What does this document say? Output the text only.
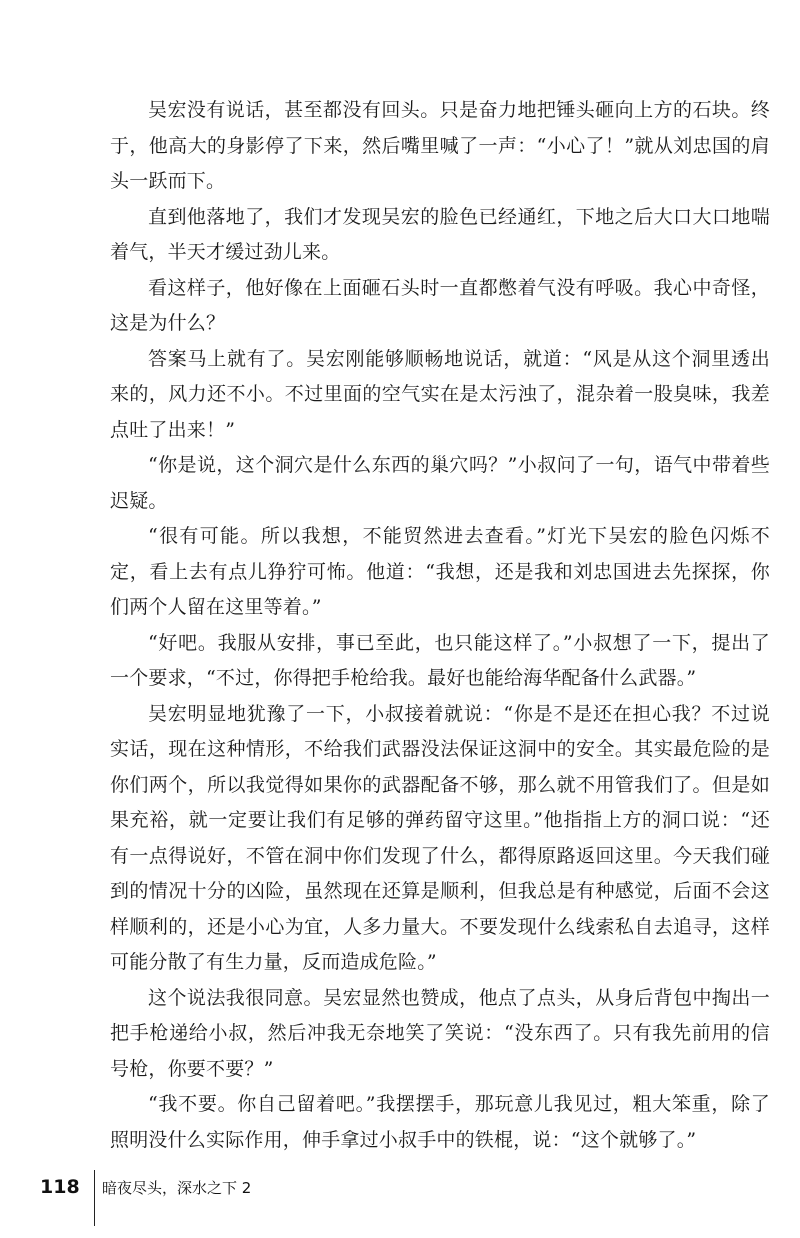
吴宏没有说话，甚至都没有回头。只是奋力地把锤头砸向上方的石块。终于，他高大的身影停了下来，然后嘴里喊了一声：“小心了！”就从刘忠国的肩头一跃而下。

直到他落地了，我们才发现吴宏的脸色已经通红，下地之后大口大口地喘着气，半天才缓过劲儿来。

看这样子，他好像在上面砸石头时一直都憋着气没有呼吸。我心中奇怪，这是为什么？

答案马上就有了。吴宏刚能够顺畅地说话，就道：“风是从这个洞里透出来的，风力还不小。不过里面的空气实在是太污浊了，混杂着一股臭味，我差点吐了出来！”

“你是说，这个洞穴是什么东西的巢穴吗？”小叔问了一句，语气中带着些迟疑。

“很有可能。所以我想，不能贸然进去查看。”灯光下吴宏的脸色闪烁不定，看上去有点儿狰狞可怖。他道：“我想，还是我和刘忠国进去先探探，你们两个人留在这里等着。”

“好吧。我服从安排，事已至此，也只能这样了。”小叔想了一下，提出了一个要求，“不过，你得把手枪给我。最好也能给海华配备什么武器。”

吴宏明显地犹豫了一下，小叔接着就说：“你是不是还在担心我？不过说实话，现在这种情形，不给我们武器没法保证这洞中的安全。其实最危险的是你们两个，所以我觉得如果你的武器配备不够，那么就不用管我们了。但是如果充裕，就一定要让我们有足够的弹药留守这里。”他指指上方的洞口说：“还有一点得说好，不管在洞中你们发现了什么，都得原路返回这里。今天我们碰到的情况十分的凶险，虽然现在还算是顺利，但我总是有种感觉，后面不会这样顺利的，还是小心为宜，人多力量大。不要发现什么线索私自去追寻，这样可能分散了有生力量，反而造成危险。”

这个说法我很同意。吴宏显然也赞成，他点了点头，从身后背包中掏出一把手枪递给小叔，然后冲我无奈地笑了笑说：“没东西了。只有我先前用的信号枪，你要不要？”

“我不要。你自己留着吧。”我摆摆手，那玩意儿我见过，粗大笨重，除了照明没什么实际作用，伸手拿过小叔手中的铁棍，说：“这个就够了。”

118 暗夜尽头，深水之下 2
